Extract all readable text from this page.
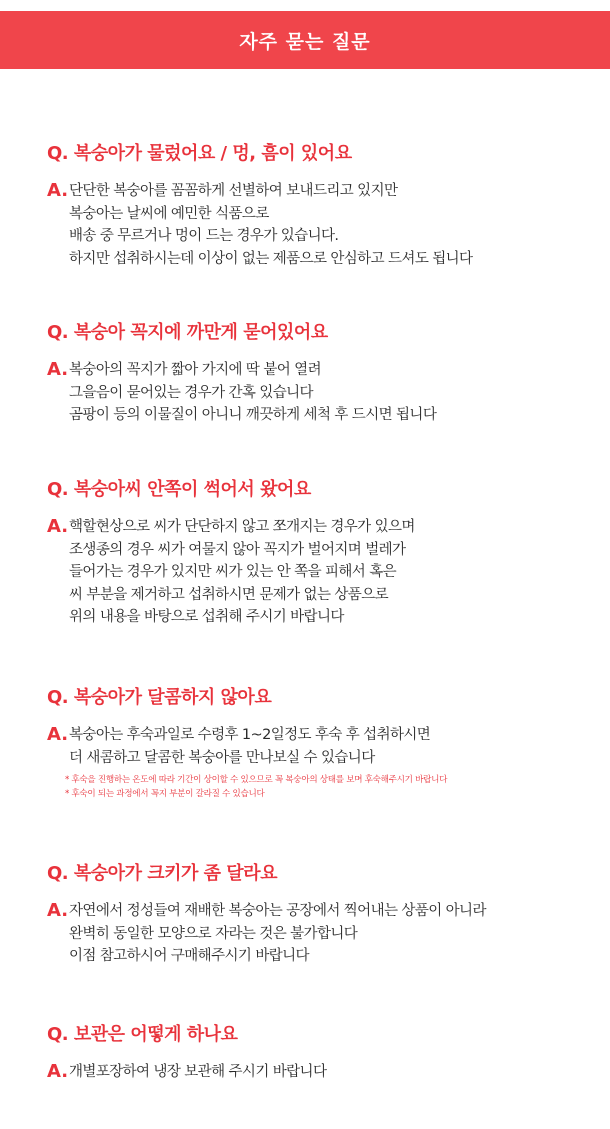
자주 묻는 질문
Q. 복숭아가 물렀어요 / 멍, 흠이 있어요
A. 단단한 복숭아를 꼼꼼하게 선별하여 보내드리고 있지만
복숭아는 날씨에 예민한 식품으로
배송 중 무르거나 멍이 드는 경우가 있습니다.
하지만 섭취하시는데 이상이 없는 제품으로 안심하고 드셔도 됩니다
Q. 복숭아 꼭지에 까만게 묻어있어요
A. 복숭아의 꼭지가 짧아 가지에 딱 붙어 열려
그을음이 묻어있는 경우가 간혹 있습니다
곰팡이 등의 이물질이 아니니 깨끗하게 세척 후 드시면 됩니다
Q. 복숭아씨 안쪽이 썩어서 왔어요
A. 핵할현상으로 씨가 단단하지 않고 쪼개지는 경우가 있으며
조생종의 경우 씨가 여물지 않아 꼭지가 벌어지며 벌레가
들어가는 경우가 있지만 씨가 있는 안 쪽을 피해서 혹은
씨 부분을 제거하고 섭취하시면 문제가 없는 상품으로
위의 내용을 바탕으로 섭취해 주시기 바랍니다
Q. 복숭아가 달콤하지 않아요
A. 복숭아는 후숙과일로 수령후 1~2일정도 후숙 후 섭취하시면
더 새콤하고 달콤한 복숭아를 만나보실 수 있습니다
* 후숙을 진행하는 온도에 따라 기간이 상이할 수 있으므로 꼭 복숭아의 상태를 보며 후숙해주시기 바랍니다
* 후숙이 되는 과정에서 꼭지 부분이 갈라질 수 있습니다
Q. 복숭아가 크키가 좀 달라요
A. 자연에서 정성들여 재배한 복숭아는 공장에서 찍어내는 상품이 아니라
완벽히 동일한 모양으로 자라는 것은 불가합니다
이점 참고하시어 구매해주시기 바랍니다
Q. 보관은 어떻게 하나요
A. 개별포장하여 냉장 보관해 주시기 바랍니다
